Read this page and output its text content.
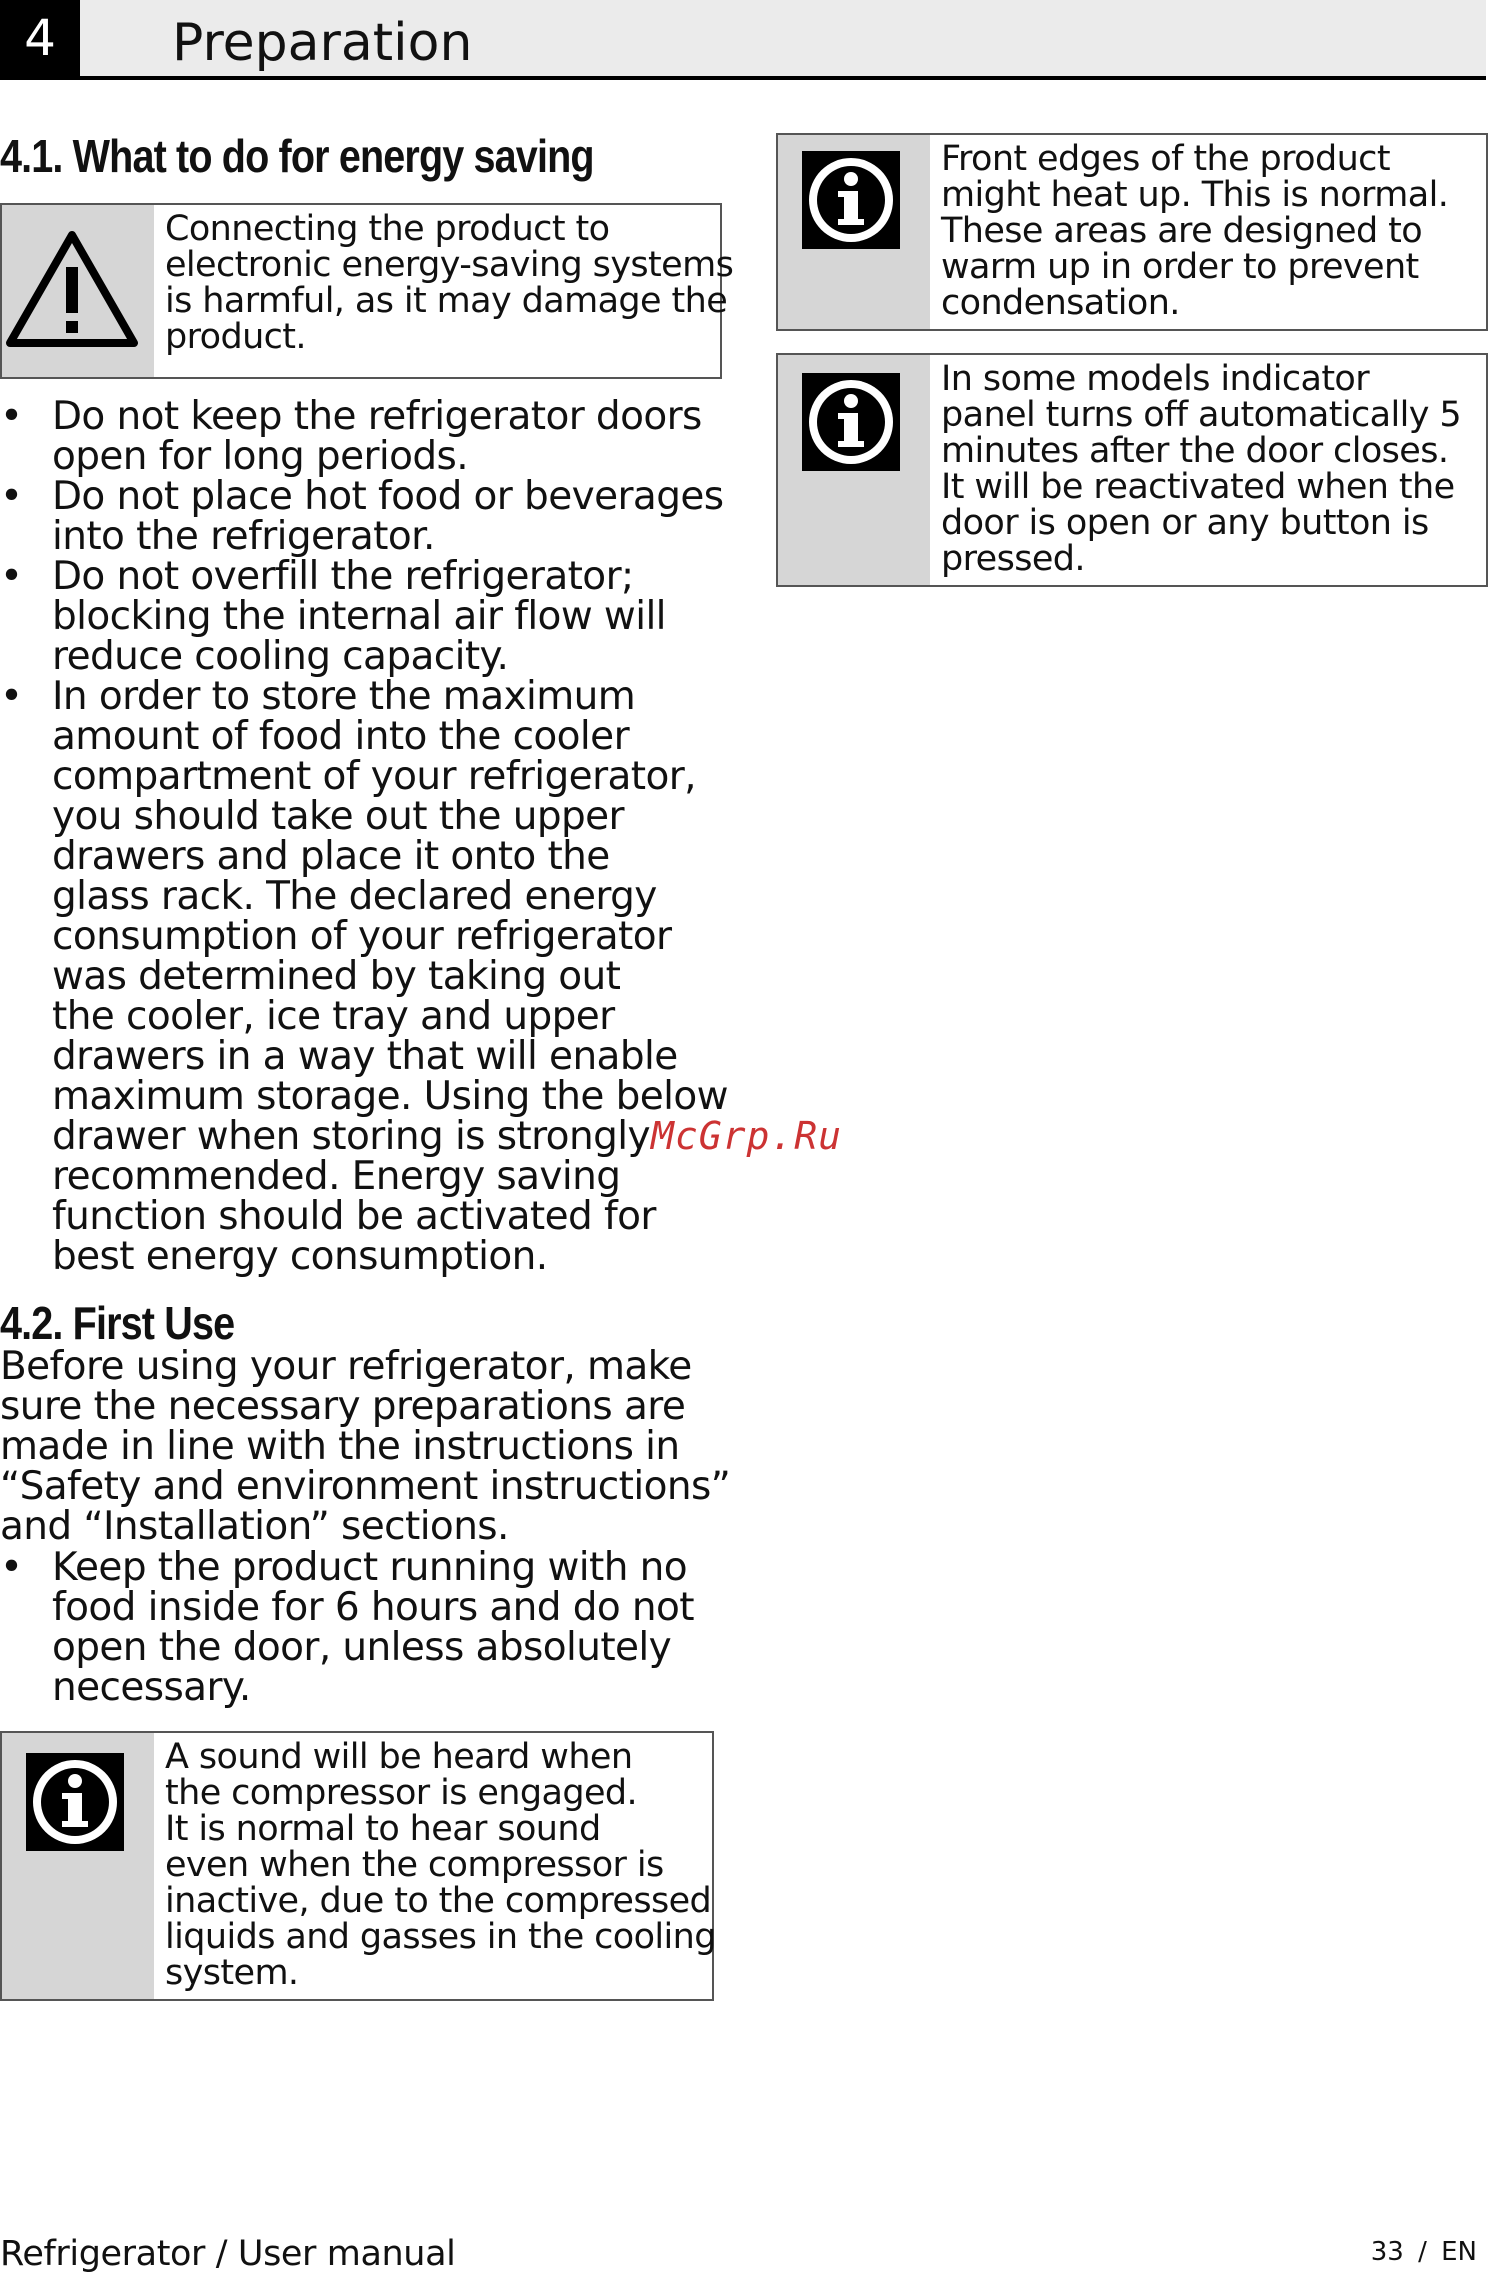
4	Preparation
4.1. What to do for energy saving
Connecting the product to
electronic energy-saving systems
is harmful, as it may damage the
product.
• Do not keep the refrigerator doors
open for long periods.
• Do not place hot food or beverages
into the refrigerator.
• Do not overfill the refrigerator;
blocking the internal air flow will
reduce cooling capacity.
• In order to store the maximum
amount of food into the cooler
compartment of your refrigerator,
you should take out the upper
drawers and place it onto the
glass rack. The declared energy
consumption of your refrigerator
was determined by taking out
the cooler, ice tray and upper
drawers in a way that will enable
maximum storage. Using the below
drawer when storing is strongly
recommended. Energy saving
function should be activated for
best energy consumption.
4.2. First Use
Before using your refrigerator, make
sure the necessary preparations are
made in line with the instructions in
“Safety and environment instructions”
and “Installation” sections.
• Keep the product running with no
food inside for 6 hours and do not
open the door, unless absolutely
necessary.
A sound will be heard when
the compressor is engaged.
It is normal to hear sound
even when the compressor is
inactive, due to the compressed
liquids and gasses in the cooling
system.
Front edges of the product
might heat up. This is normal.
These areas are designed to
warm up in order to prevent
condensation.
In some models indicator
panel turns off automatically 5
minutes after the door closes.
It will be reactivated when the
door is open or any button is
pressed.
McGrp.Ru
Refrigerator / User manual	33 / EN
